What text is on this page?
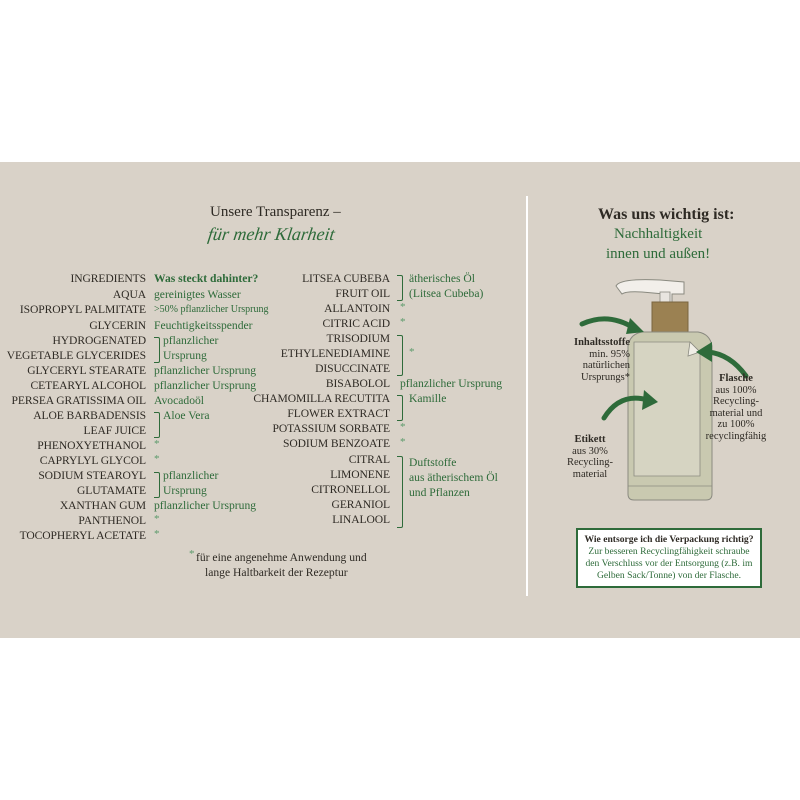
Unsere Transparenz –
für mehr Klarheit
INGREDIENTS
AQUA
ISOPROPYL PALMITATE
GLYCERIN
HYDROGENATED
VEGETABLE GLYCERIDES
GLYCERYL STEARATE
CETEARYL ALCOHOL
PERSEA GRATISSIMA OIL
ALOE BARBADENSIS
LEAF JUICE
PHENOXYETHANOL
CAPRYLYL GLYCOL
SODIUM STEAROYL
GLUTAMATE
XANTHAN GUM
PANTHENOL
TOCOPHERYL ACETATE
Was steckt dahinter?
gereinigtes Wasser
>50% pflanzlicher Ursprung
Feuchtigkeitsspender
pflanzlicher
Ursprung
pflanzlicher Ursprung
pflanzlicher Ursprung
Avocadoöl
Aloe Vera
*
*
pflanzlicher
Ursprung
pflanzlicher Ursprung
*
*
LITSEA CUBEBA
FRUIT OIL
ALLANTOIN
CITRIC ACID
TRISODIUM
ETHYLENEDIAMINE
DISUCCINATE
BISABOLOL
CHAMOMILLA RECUTITA
FLOWER EXTRACT
POTASSIUM SORBATE
SODIUM BENZOATE
CITRAL
LIMONENE
CITRONELLOL
GERANIOL
LINALOOL
ätherisches Öl
(Litsea Cubeba)
*
*
*
pflanzlicher Ursprung
Kamille
*
*
Duftstoffe
aus ätherischem Öl
und Pflanzen
* für eine angenehme Anwendung und
lange Haltbarkeit der Rezeptur
Was uns wichtig ist:
Nachhaltigkeit
innen und außen!
Inhaltsstoffe
min. 95%
natürlichen
Ursprungs*	Flasche
aus 100%
Recycling-
material und
zu 100%
recyclingfähig
Etikett
aus 30%
Recycling-
material
Wie entsorge ich die Verpackung richtig?
Zur besseren Recyclingfähigkeit schraube
den Verschluss vor der Entsorgung (z.B. im
Gelben Sack/Tonne) von der Flasche.
